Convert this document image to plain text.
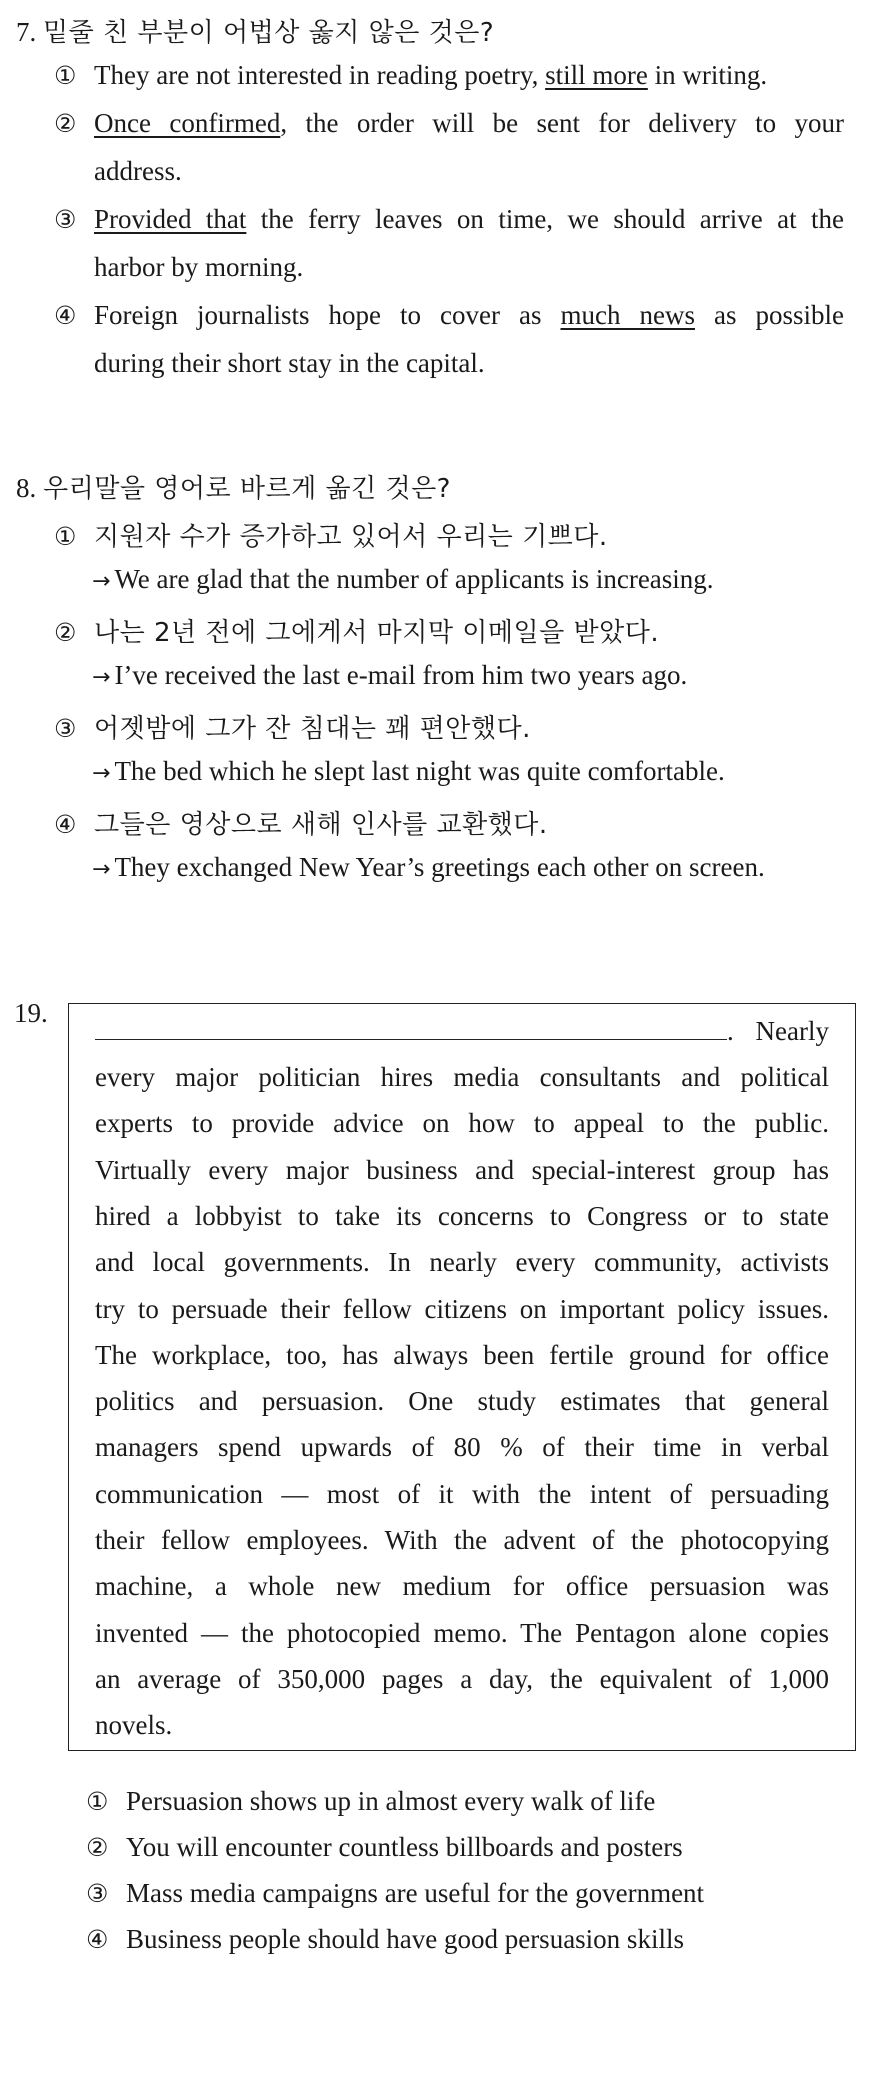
7. 밑줄 친 부분이 어법상 옳지 않은 것은?
① They are not interested in reading poetry, still more in writing.
② Once confirmed, the order will be sent for delivery to your
address.
③ Provided that the ferry leaves on time, we should arrive at the
harbor by morning.
④ Foreign journalists hope to cover as much news as possible
during their short stay in the capital.
8. 우리말을 영어로 바르게 옮긴 것은?
① 지원자 수가 증가하고 있어서 우리는 기쁘다.
→ We are glad that the number of applicants is increasing.
② 나는 2년 전에 그에게서 마지막 이메일을 받았다.
→ I’ve received the last e-mail from him two years ago.
③ 어젯밤에 그가 잔 침대는 꽤 편안했다.
→ The bed which he slept last night was quite comfortable.
④ 그들은 영상으로 새해 인사를 교환했다.
→ They exchanged New Year’s greetings each other on screen.
19.
. Nearly
every major politician hires media consultants and political
experts to provide advice on how to appeal to the public.
Virtually every major business and special-interest group has
hired a lobbyist to take its concerns to Congress or to state
and local governments. In nearly every community, activists
try to persuade their fellow citizens on important policy issues.
The workplace, too, has always been fertile ground for office
politics and persuasion. One study estimates that general
managers spend upwards of 80 % of their time in verbal
communication — most of it with the intent of persuading
their fellow employees. With the advent of the photocopying
machine, a whole new medium for office persuasion was
invented — the photocopied memo. The Pentagon alone copies
an average of 350,000 pages a day, the equivalent of 1,000
novels.
① Persuasion shows up in almost every walk of life
② You will encounter countless billboards and posters
③ Mass media campaigns are useful for the government
④ Business people should have good persuasion skills
